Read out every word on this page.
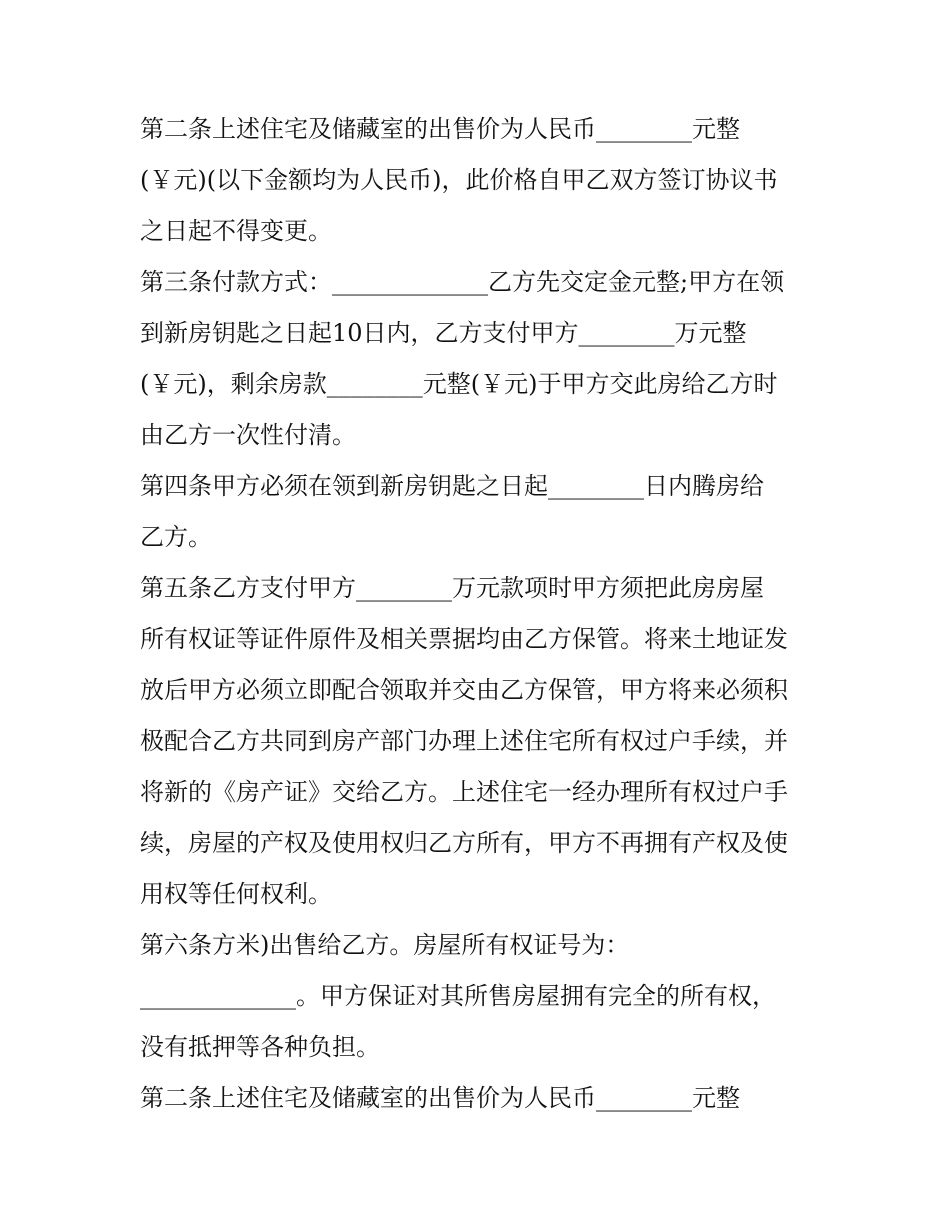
第二条上述住宅及储藏室的出售价为人民币________元整
(￥元)(以下金额均为人民币)，此价格自甲乙双方签订协议书
之日起不得变更。
第三条付款方式：_____________乙方先交定金元整;甲方在领
到新房钥匙之日起10日内，乙方支付甲方________万元整
(￥元)，剩余房款________元整(￥元)于甲方交此房给乙方时
由乙方一次性付清。
第四条甲方必须在领到新房钥匙之日起________日内腾房给
乙方。
第五条乙方支付甲方________万元款项时甲方须把此房房屋
所有权证等证件原件及相关票据均由乙方保管。将来土地证发
放后甲方必须立即配合领取并交由乙方保管，甲方将来必须积
极配合乙方共同到房产部门办理上述住宅所有权过户手续，并
将新的《房产证》交给乙方。上述住宅一经办理所有权过户手
续，房屋的产权及使用权归乙方所有，甲方不再拥有产权及使
用权等任何权利。
第六条方米)出售给乙方。房屋所有权证号为：
_____________。甲方保证对其所售房屋拥有完全的所有权，
没有抵押等各种负担。
第二条上述住宅及储藏室的出售价为人民币________元整
